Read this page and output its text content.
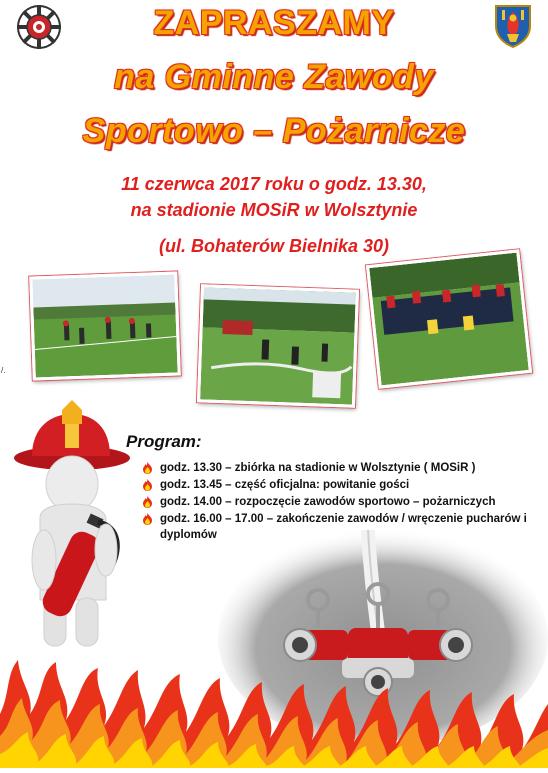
ZAPRASZAMY
na Gminne Zawody
Sportowo – Pożarnicze
11 czerwca 2017 roku o godz. 13.30,
na stadionie MOSiR w Wolsztynie
(ul. Bohaterów Bielnika 30)
/.
Program:
godz. 13.30 – zbiórka na stadionie w Wolsztynie ( MOSiR )
godz. 13.45 – część oficjalna: powitanie gości
godz. 14.00 – rozpoczęcie zawodów sportowo – pożarniczych
godz. 16.00 – 17.00 – zakończenie zawodów / wręczenie pucharów i dyplomów
